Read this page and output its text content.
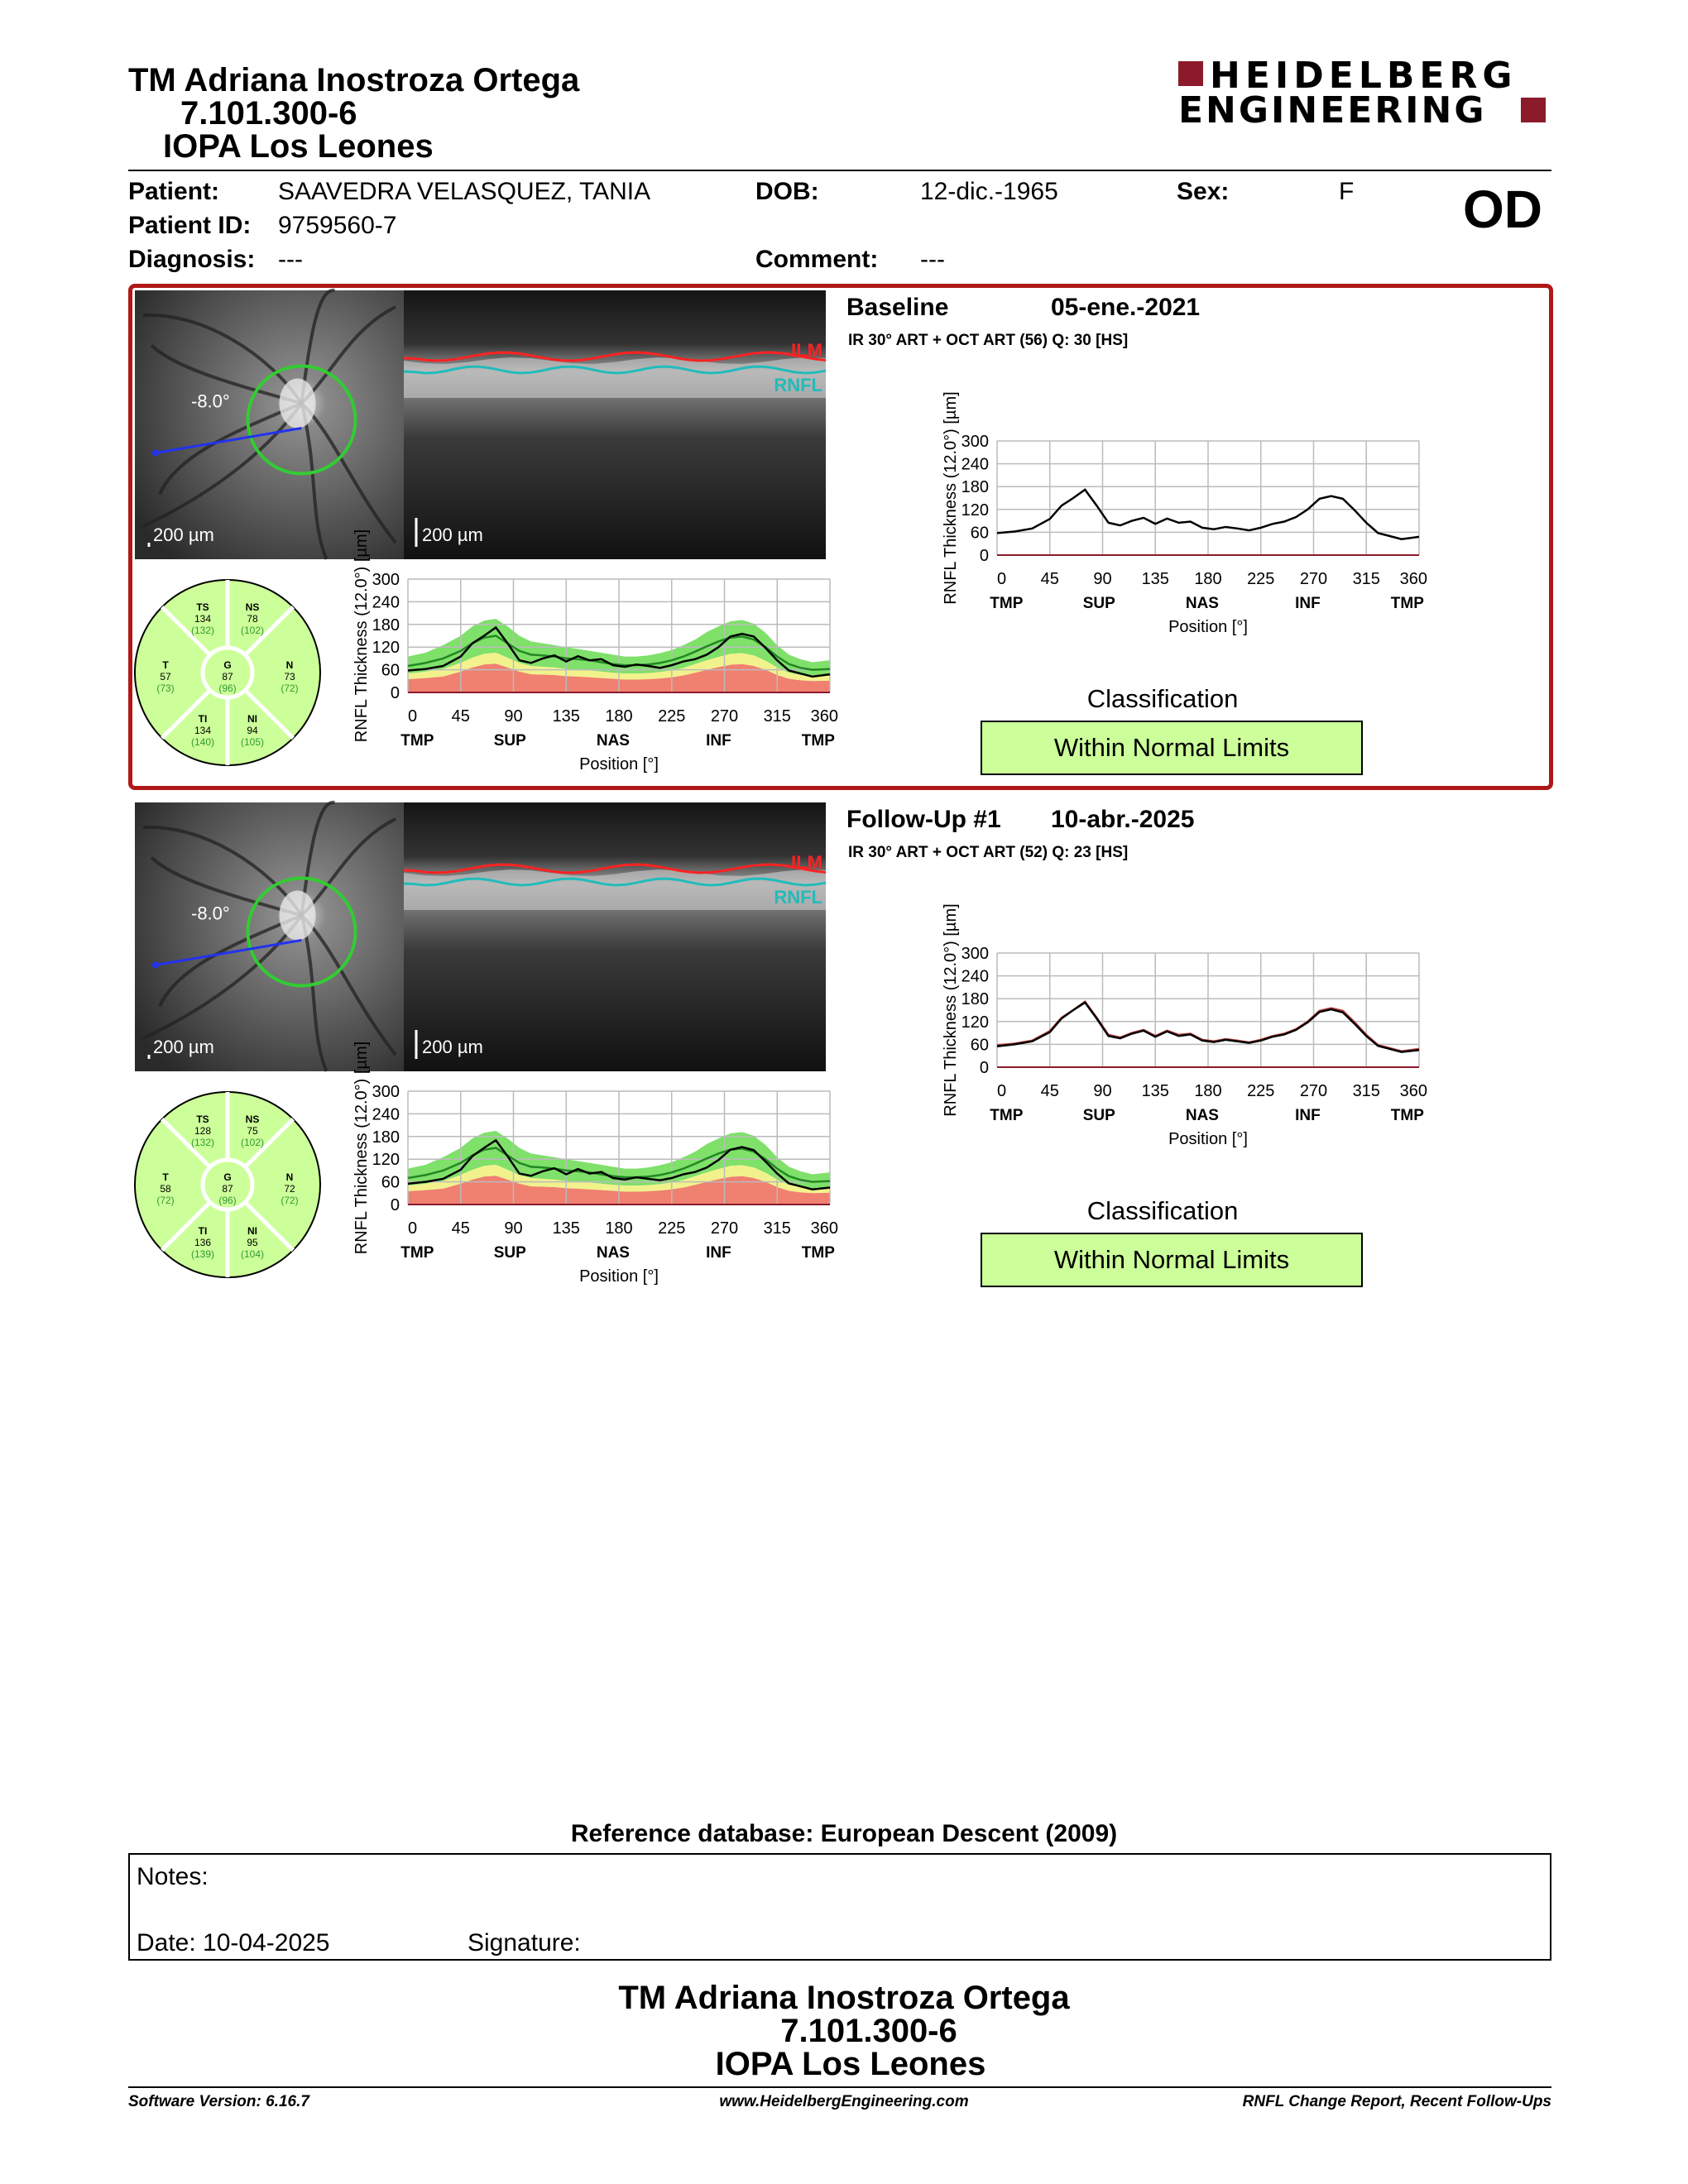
TM Adriana Inostroza Ortega
7.101.300-6
IOPA Los Leones
HEIDELBERG
ENGINEERING
Patient: SAAVEDRA VELASQUEZ, TANIA	DOB:	12-dic.-1965	Sex:	F OD
Patient ID: 9759560-7
Diagnosis: ---	Comment: ---
-8.0°
200 µm
ILM
RNFL
200 µm
TS
134
(132)
NS
78
(102)
T
57
(73)
G
87
(96)
N
73
(72)
TI
134
(140)
NI
94
(105)
0
60
120
180
240
300
0 45 90 135 180 225 270 315 360
TMP	SUP	NAS	INF	TMP
Position [°]
RNFL Thickness (12.0°) [µm]	0
60
120
180
240
300
0 45 90 135 180 225 270 315 360
TMP	SUP	NAS	INF	TMP
Position [°]
RNFL Thickness (12.0°) [µm]
Baseline	05-ene.-2021
IR 30° ART + OCT ART (56) Q: 30 [HS]
Classification
Within Normal Limits
-8.0°
200 µm
ILM
RNFL
200 µm
TS
128
(132)
NS
75
(102)
T
58
(72)
G
87
(96)
N
72
(72)
TI
136
(139)
NI
95
(104)
0
60
120
180
240
300
0 45 90 135 180 225 270 315 360
TMP	SUP	NAS	INF	TMP
Position [°]
RNFL Thickness (12.0°) [µm]	0
60
120
180
240
300
0 45 90 135 180 225 270 315 360
TMP	SUP	NAS	INF	TMP
Position [°]
RNFL Thickness (12.0°) [µm]
Follow-Up #1 10-abr.-2025
IR 30° ART + OCT ART (52) Q: 23 [HS]
Classification
Within Normal Limits
Reference database: European Descent (2009)
Notes:
Date: 10-04-2025	Signature:
TM Adriana Inostroza Ortega
7.101.300-6
IOPA Los Leones
Software Version: 6.16.7	www.HeidelbergEngineering.com	RNFL Change Report, Recent Follow-Ups
